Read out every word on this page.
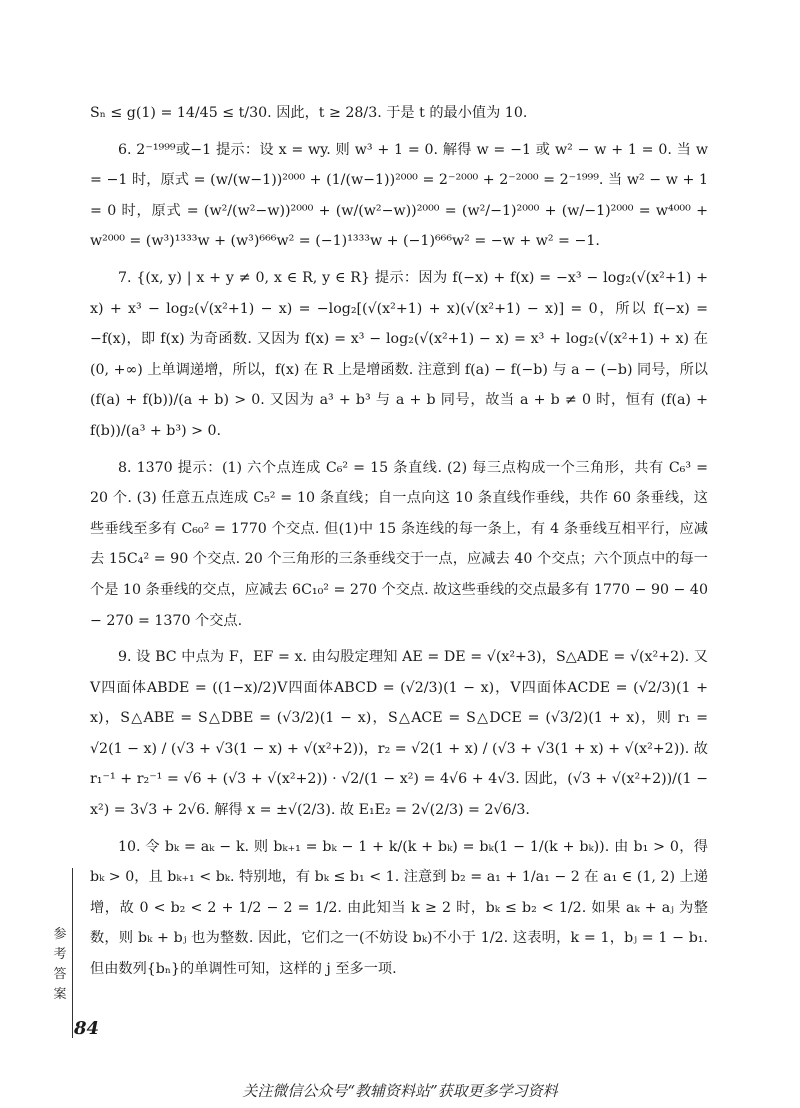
Sₙ ≤ g(1) = 14/45 ≤ t/30. 因此，t ≥ 28/3. 于是 t 的最小值为 10.

6. 2⁻¹⁹⁹⁹或−1 提示：设 x = wy. 则 w³ + 1 = 0. 解得 w = −1 或 w² − w + 1 = 0. 当 w = −1 时，原式 = (w/(w−1))²⁰⁰⁰ + (1/(w−1))²⁰⁰⁰ = 2⁻²⁰⁰⁰ + 2⁻²⁰⁰⁰ = 2⁻¹⁹⁹⁹. 当 w² − w + 1 = 0 时，原式 = (w²/(w²−w))²⁰⁰⁰ + (w/(w²−w))²⁰⁰⁰ = (w²/−1)²⁰⁰⁰ + (w/−1)²⁰⁰⁰ = w⁴⁰⁰⁰ + w²⁰⁰⁰ = (w³)¹³³³w + (w³)⁶⁶⁶w² = (−1)¹³³³w + (−1)⁶⁶⁶w² = −w + w² = −1.

7. {(x, y) | x + y ≠ 0, x ∈ R, y ∈ R} 提示：因为 f(−x) + f(x) = −x³ − log₂(√(x²+1) + x) + x³ − log₂(√(x²+1) − x) = −log₂[(√(x²+1) + x)(√(x²+1) − x)] = 0，所以 f(−x) = −f(x)，即 f(x) 为奇函数. 又因为 f(x) = x³ − log₂(√(x²+1) − x) = x³ + log₂(√(x²+1) + x) 在 (0, +∞) 上单调递增，所以，f(x) 在 R 上是增函数. 注意到 f(a) − f(−b) 与 a − (−b) 同号，所以 (f(a) + f(b))/(a + b) > 0. 又因为 a³ + b³ 与 a + b 同号，故当 a + b ≠ 0 时，恒有 (f(a) + f(b))/(a³ + b³) > 0.

8. 1370 提示：(1) 六个点连成 C₆² = 15 条直线. (2) 每三点构成一个三角形，共有 C₆³ = 20 个. (3) 任意五点连成 C₅² = 10 条直线；自一点向这 10 条直线作垂线，共作 60 条垂线，这些垂线至多有 C₆₀² = 1770 个交点. 但(1)中 15 条连线的每一条上，有 4 条垂线互相平行，应减去 15C₄² = 90 个交点. 20 个三角形的三条垂线交于一点，应减去 40 个交点；六个顶点中的每一个是 10 条垂线的交点，应减去 6C₁₀² = 270 个交点. 故这些垂线的交点最多有 1770 − 90 − 40 − 270 = 1370 个交点.

9. 设 BC 中点为 F，EF = x. 由勾股定理知 AE = DE = √(x²+3)，S△ADE = √(x²+2). 又 V四面体ABDE = ((1−x)/2)V四面体ABCD = (√2/3)(1 − x)，V四面体ACDE = (√2/3)(1 + x)，S△ABE = S△DBE = (√3/2)(1 − x)，S△ACE = S△DCE = (√3/2)(1 + x)，则 r₁ = √2(1 − x) / (√3 + √3(1 − x) + √(x²+2))，r₂ = √2(1 + x) / (√3 + √3(1 + x) + √(x²+2)). 故 r₁⁻¹ + r₂⁻¹ = √6 + (√3 + √(x²+2)) · √2/(1 − x²) = 4√6 + 4√3. 因此，(√3 + √(x²+2))/(1 − x²) = 3√3 + 2√6. 解得 x = ±√(2/3). 故 E₁E₂ = 2√(2/3) = 2√6/3.

10. 令 bₖ = aₖ − k. 则 bₖ₊₁ = bₖ − 1 + k/(k + bₖ) = bₖ(1 − 1/(k + bₖ)). 由 b₁ > 0，得 bₖ > 0，且 bₖ₊₁ < bₖ. 特别地，有 bₖ ≤ b₁ < 1. 注意到 b₂ = a₁ + 1/a₁ − 2 在 a₁ ∈ (1, 2) 上递增，故 0 < b₂ < 2 + 1/2 − 2 = 1/2. 由此知当 k ≥ 2 时，bₖ ≤ b₂ < 1/2. 如果 aₖ + aⱼ 为整数，则 bₖ + bⱼ 也为整数. 因此，它们之一(不妨设 bₖ)不小于 1/2. 这表明，k = 1，bⱼ = 1 − b₁. 但由数列{bₙ}的单调性可知，这样的 j 至多一项.

参
考
答
案
84
关注微信公众号“教辅资料站”获取更多学习资料
